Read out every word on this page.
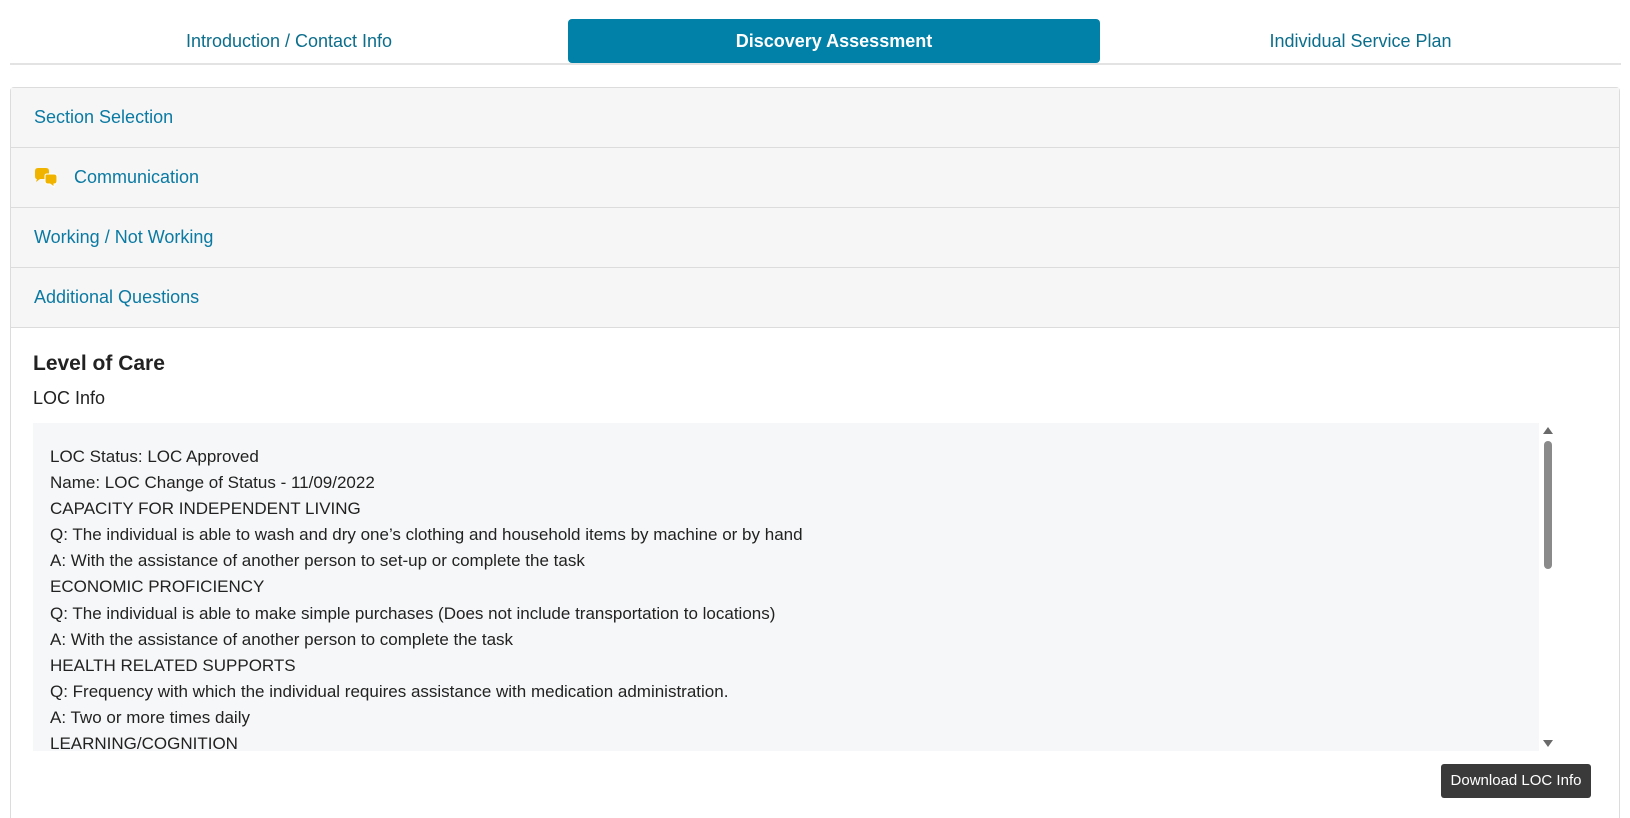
Introduction / Contact Info	Discovery Assessment	Individual Service Plan
Section Selection
Communication
Working / Not Working
Additional Questions
Level of Care
LOC Info
LOC Status: LOC Approved
Name: LOC Change of Status - 11/09/2022
CAPACITY FOR INDEPENDENT LIVING
Q: The individual is able to wash and dry one’s clothing and household items by machine or by hand
A: With the assistance of another person to set-up or complete the task
ECONOMIC PROFICIENCY
Q: The individual is able to make simple purchases (Does not include transportation to locations)
A: With the assistance of another person to complete the task
HEALTH RELATED SUPPORTS
Q: Frequency with which the individual requires assistance with medication administration.
A: Two or more times daily
LEARNING/COGNITION
Download LOC Info
